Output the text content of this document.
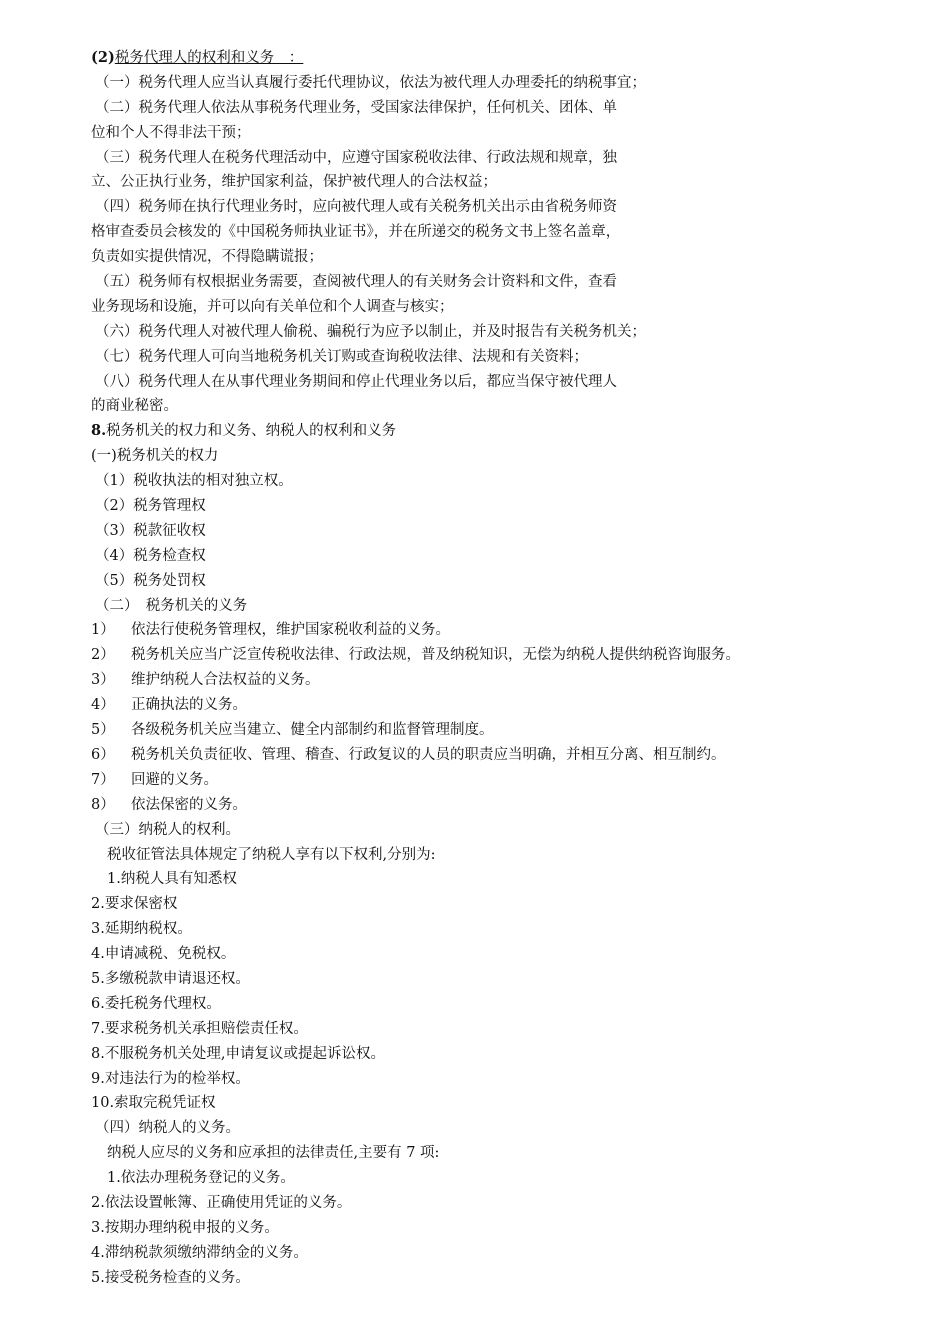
(2)税务代理人的权利和义务　：
（一）税务代理人应当认真履行委托代理协议，依法为被代理人办理委托的纳税事宜；
（二）税务代理人依法从事税务代理业务，受国家法律保护，任何机关、团体、单
位和个人不得非法干预；
（三）税务代理人在税务代理活动中，应遵守国家税收法律、行政法规和规章，独
立、公正执行业务，维护国家利益，保护被代理人的合法权益；
（四）税务师在执行代理业务时，应向被代理人或有关税务机关出示由省税务师资
格审查委员会核发的《中国税务师执业证书》，并在所递交的税务文书上签名盖章，
负责如实提供情况，不得隐瞒谎报；
（五）税务师有权根据业务需要，查阅被代理人的有关财务会计资料和文件，查看
业务现场和设施，并可以向有关单位和个人调查与核实；
（六）税务代理人对被代理人偷税、骗税行为应予以制止，并及时报告有关税务机关；
（七）税务代理人可向当地税务机关订购或查询税收法律、法规和有关资料；
（八）税务代理人在从事代理业务期间和停止代理业务以后，都应当保守被代理人
的商业秘密。
8.税务机关的权力和义务、纳税人的权利和义务
(一)税务机关的权力
（1）税收执法的相对独立权。
（2）税务管理权
（3）税款征收权
（4）税务检查权
（5）税务处罚权
（二）　税务机关的义务
1） 依法行使税务管理权，维护国家税收利益的义务。
2） 税务机关应当广泛宣传税收法律、行政法规，普及纳税知识，无偿为纳税人提供纳税咨询服务。
3） 维护纳税人合法权益的义务。
4） 正确执法的义务。
5） 各级税务机关应当建立、健全内部制约和监督管理制度。
6） 税务机关负责征收、管理、稽查、行政复议的人员的职责应当明确，并相互分离、相互制约。
7） 回避的义务。
8） 依法保密的义务。
（三）纳税人的权利。
税收征管法具体规定了纳税人享有以下权利,分别为:
1.纳税人具有知悉权
2.要求保密权
3.延期纳税权。
4.申请减税、免税权。
5.多缴税款申请退还权。
6.委托税务代理权。
7.要求税务机关承担赔偿责任权。
8.不服税务机关处理,申请复议或提起诉讼权。
9.对违法行为的检举权。
10.索取完税凭证权
（四）纳税人的义务。
纳税人应尽的义务和应承担的法律责任,主要有 7 项:
1.依法办理税务登记的义务。
2.依法设置帐簿、正确使用凭证的义务。
3.按期办理纳税申报的义务。
4.滞纳税款须缴纳滞纳金的义务。
5.接受税务检查的义务。
